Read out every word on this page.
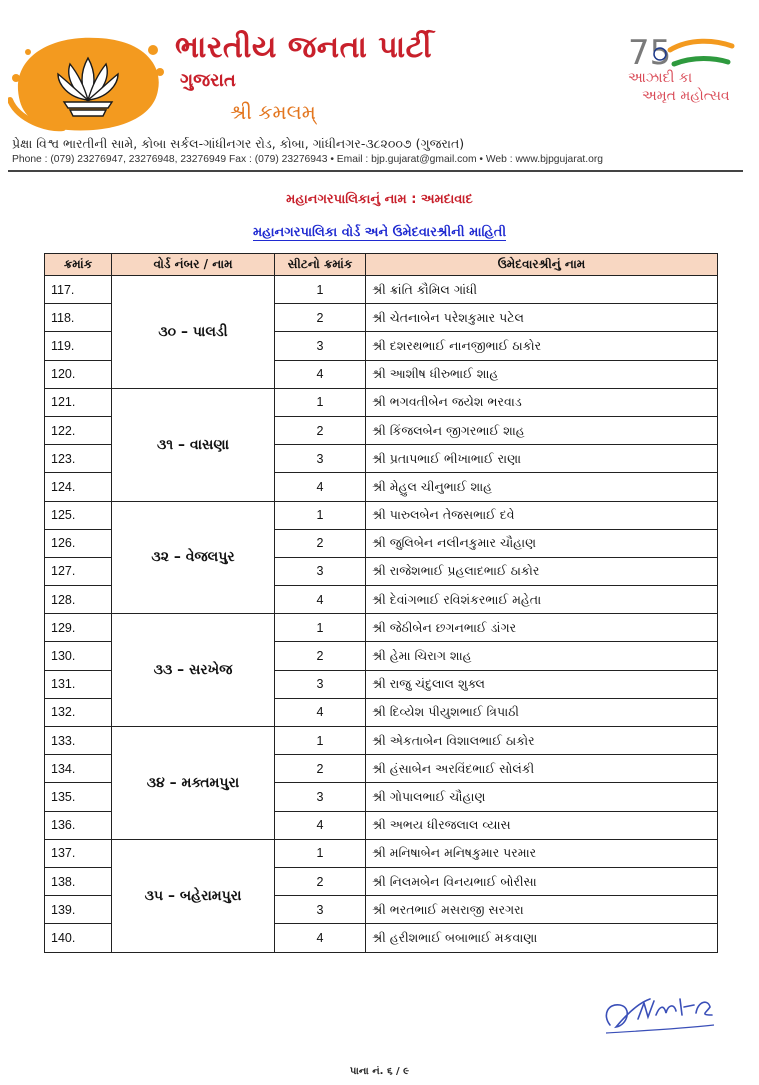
ભારતીય જનતા પાર્ટી
ગુજરાત
શ્રી કમલમ્
75
આઝાદી કા
અમૃત મહોત્સવ
પ્રેક્ષા વિશ્વ ભારતીની સામે, કોબા સર્કલ-ગાંધીનગર રોડ, કોબા, ગાંધીનગર-૩૮૨૦૦૭ (ગુજરાત)
Phone : (079) 23276947, 23276948, 23276949 Fax : (079) 23276943 • Email : bjp.gujarat@gmail.com • Web : www.bjpgujarat.org
મહાનગરપાલિકાનું નામ : અમદાવાદ
મહાનગરપાલિકા વોર્ડ અને ઉમેદવારશ્રીની માહિતી
ક્રમાંક	વોર્ડ નંબર / નામ	સીટનો ક્રમાંક	ઉમેદવારશ્રીનું નામ
117.	૩૦ – પાલડી	1	શ્રી ક્રાંતિ કૌમિલ ગાંધી
118.		2	શ્રી ચેતનાબેન પરેશકુમાર પટેલ
119.		3	શ્રી દશરથભાઈ નાનજીભાઈ ઠાકોર
120.		4	શ્રી આશીષ ધીરુભાઈ શાહ
121.	૩૧ – વાસણા	1	શ્રી ભગવતીબેન જયેશ ભરવાડ
122.		2	શ્રી કિંજલબેન જીગરભાઈ શાહ
123.		3	શ્રી પ્રતાપભાઈ ભીખાભાઈ રાણા
124.		4	શ્રી મેહુલ ચીનુભાઈ શાહ
125.	૩૨ – વેજલપુર	1	શ્રી પારુલબેન તેજસભાઈ દવે
126.		2	શ્રી જુલિબેન નલીનકુમાર ચૌહાણ
127.		3	શ્રી રાજેશભાઈ પ્રહલાદભાઈ ઠાકોર
128.		4	શ્રી દેવાંગભાઈ રવિશંકરભાઈ મહેતા
129.	૩૩ – સરખેજ	1	શ્રી જેઠીબેન છગનભાઈ ડાંગર
130.		2	શ્રી હેમા ચિરાગ શાહ
131.		3	શ્રી રાજુ ચંદુલાલ શુક્લ
132.		4	શ્રી દિવ્યેશ પીયુશભાઈ ત્રિપાઠી
133.	૩૪ – મક્તમપુરા	1	શ્રી એકતાબેન વિશાલભાઈ ઠાકોર
134.		2	શ્રી હંસાબેન અરવિંદભાઈ સોલંકી
135.		3	શ્રી ગોપાલભાઈ ચૌહાણ
136.		4	શ્રી અભય ધીરજલાલ વ્યાસ
137.	૩૫ – બહેરામપુરા	1	શ્રી મનિષાબેન મનિષકુમાર પરમાર
138.		2	શ્રી નિલમબેન વિનયભાઈ બોરીસા
139.		3	શ્રી ભરતભાઈ મસરાજી સરગરા
140.		4	શ્રી હરીશભાઈ બબાભાઈ મકવાણા
પાના નં. ૬ / ૯
